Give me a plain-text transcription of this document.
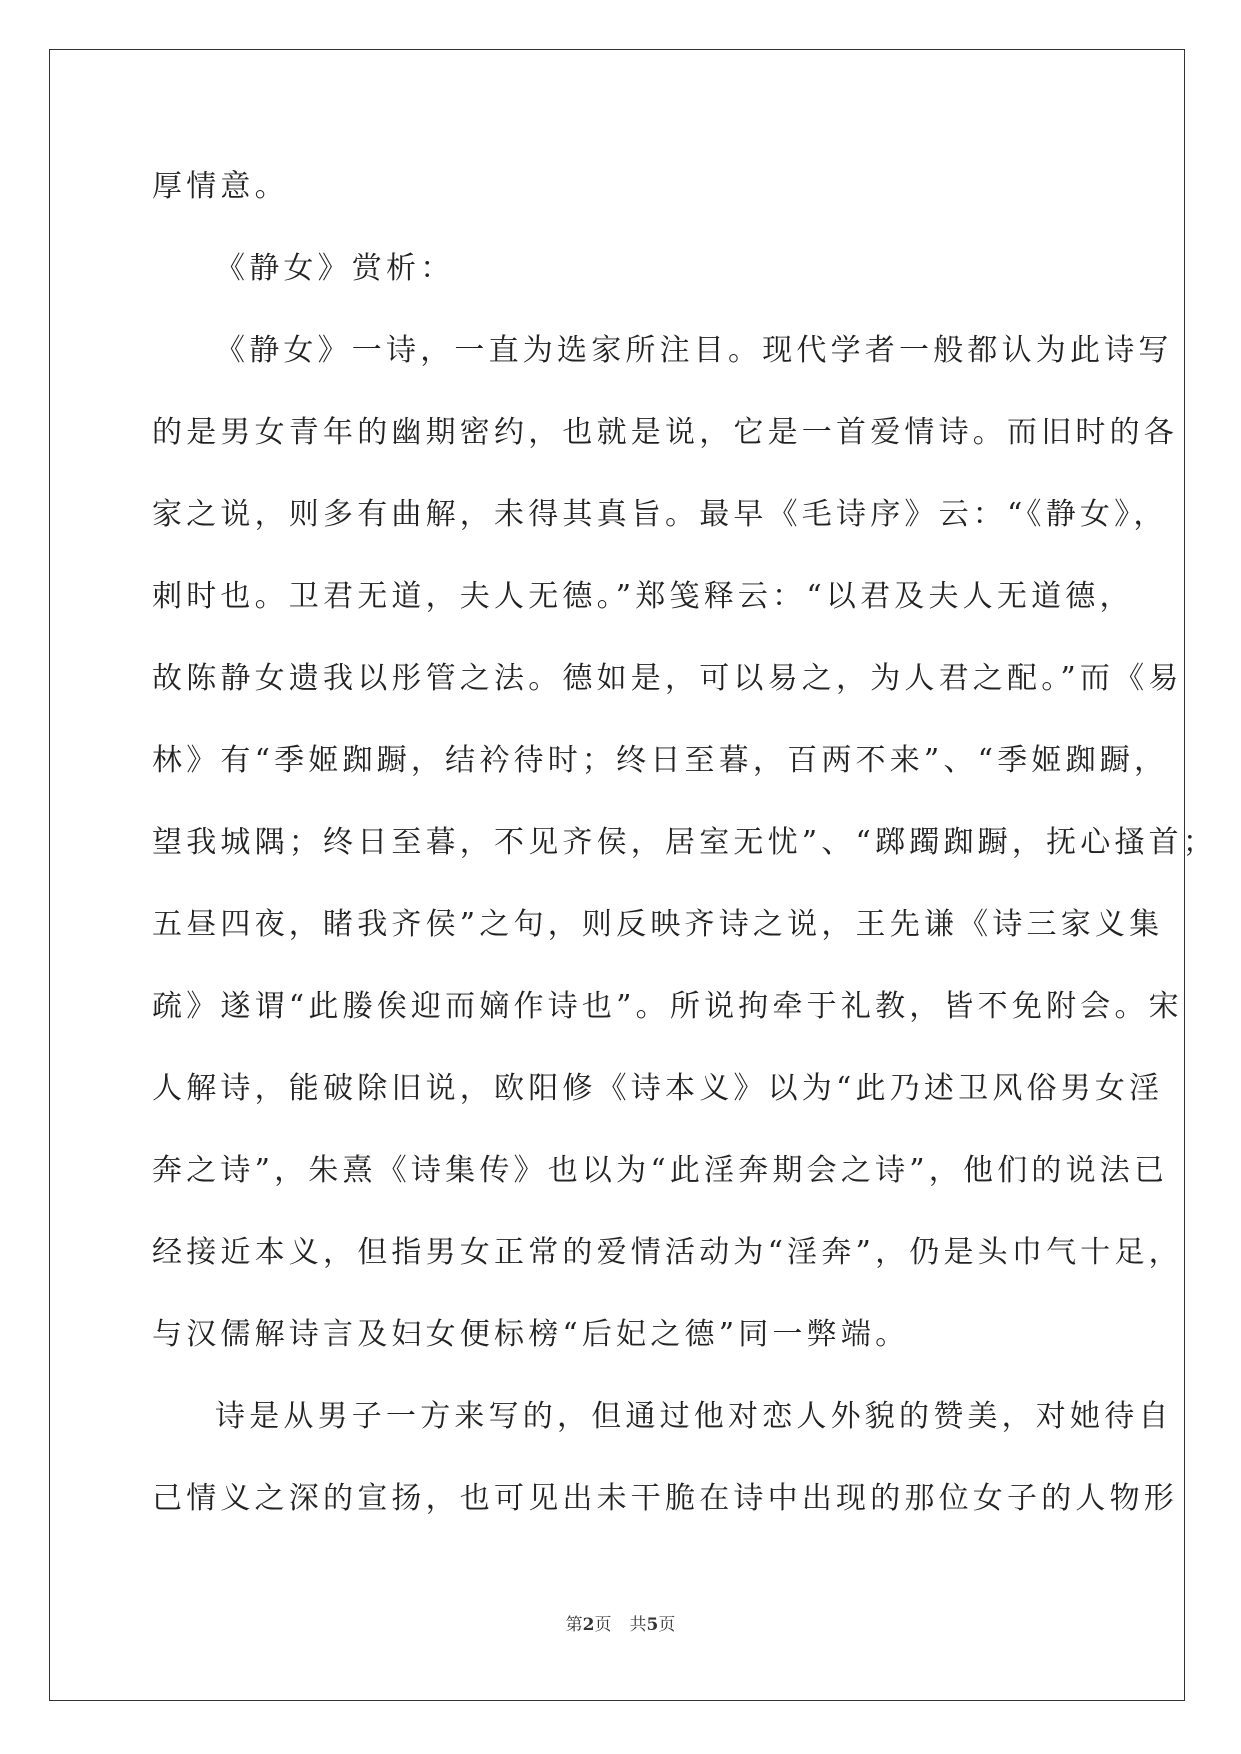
厚情意。
《静女》赏析：
《静女》一诗，一直为选家所注目。现代学者一般都认为此诗写
的是男女青年的幽期密约，也就是说，它是一首爱情诗。而旧时的各
家之说，则多有曲解，未得其真旨。最早《毛诗序》云：“《静女》，
刺时也。卫君无道，夫人无德。”郑笺释云：“以君及夫人无道德，
故陈静女遗我以彤管之法。德如是，可以易之，为人君之配。”而《易
林》有“季姬踟蹰，结衿待时；终日至暮，百两不来”、“季姬踟蹰，
望我城隅；终日至暮，不见齐侯，居室无忧”、“踯躅踟蹰，抚心搔首；
五昼四夜，睹我齐侯”之句，则反映齐诗之说，王先谦《诗三家义集
疏》遂谓“此媵俟迎而嫡作诗也”。所说拘牵于礼教，皆不免附会。宋
人解诗，能破除旧说，欧阳修《诗本义》以为“此乃述卫风俗男女淫
奔之诗”，朱熹《诗集传》也以为“此淫奔期会之诗”，他们的说法已
经接近本义，但指男女正常的爱情活动为“淫奔”，仍是头巾气十足，
与汉儒解诗言及妇女便标榜“后妃之德”同一弊端。
诗是从男子一方来写的，但通过他对恋人外貌的赞美，对她待自
己情义之深的宣扬，也可见出未干脆在诗中出现的那位女子的人物形
第2页 共5页
